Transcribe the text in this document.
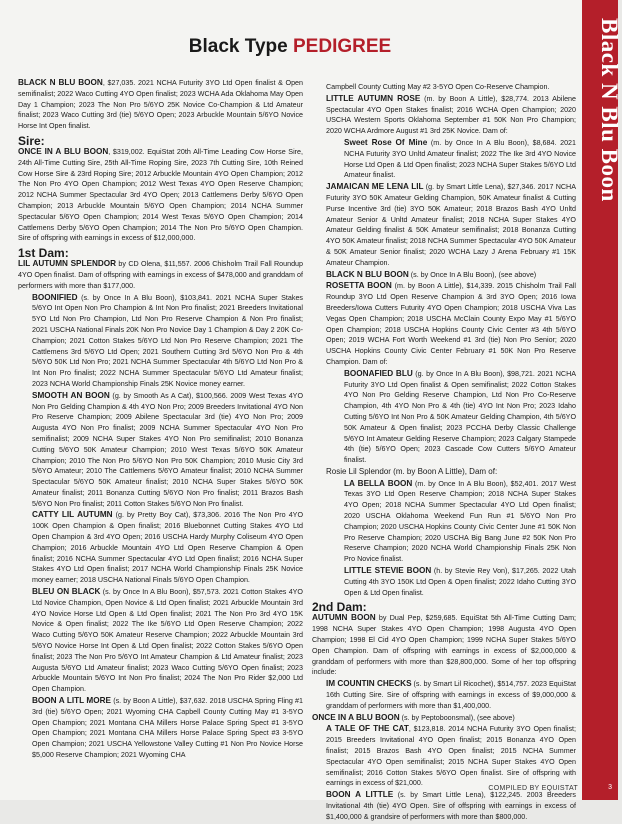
Black Type PEDIGREE	Black N Blu Boon

BLACK N BLU BOON, $27,035. 2021 NCHA Futurity 3YO Ltd Open finalist & Open semifinalist; 2022 Waco Cutting 4YO Open finalist; 2023 WCHA Ada Oklahoma May Open Day 1 Champion; 2023 The Non Pro 5/6YO 25K Novice Co-Champion & Ltd Amateur finalist; 2023 Waco Cutting 3rd (tie) 5/6YO Open; 2023 Arbuckle Mountain 5/6YO Novice Horse Int Open finalist.

Sire:

ONCE IN A BLU BOON, $319,002. EquiStat 20th All-Time Leading Cow Horse Sire, 24th All-Time Cutting Sire, 25th All-Time Roping Sire, 2023 7th Cutting Sire, 10th Reined Cow Horse Sire & 23rd Roping Sire; 2012 Arbuckle Mountain 4YO Open Champion; 2012 The Non Pro 4YO Open Champion; 2012 West Texas 4YO Open Reserve Champion; 2012 NCHA Summer Spectacular 3rd 4YO Open; 2013 Cattlemens Derby 5/6YO Open Champion; 2013 Arbuckle Mountain 5/6YO Open Champion; 2014 NCHA Summer Spectacular 5/6YO Open Champion; 2014 West Texas 5/6YO Open Champion; 2014 Cattlemens Derby 5/6YO Open Champion; 2014 The Non Pro 5/6YO Open Champion. Sire of offspring with earnings in excess of $12,000,000.

1st Dam:

LIL AUTUMN SPLENDOR by CD Olena, $11,557. 2006 Chisholm Trail Fall Roundup 4YO Open finalist. Dam of offspring with earnings in excess of $478,000 and granddam of performers with more than $177,000.

BOONIFIED (s. by Once In A Blu Boon), $103,841. 2021 NCHA Super Stakes 5/6YO Int Open Non Pro Champion & Int Non Pro finalist; 2021 Breeders Invitational 5YO Ltd Non Pro Champion, Ltd Non Pro Reserve Champion & Non Pro finalist; 2021 USCHA National Finals 20K Non Pro Novice Day 1 Champion & Day 2 20K Co-Champion; 2021 Cotton Stakes 5/6YO Ltd Non Pro Reserve Champion; 2021 The Cattlemens 3rd 5/6YO Ltd Open; 2021 Southern Cutting 3rd 5/6YO Non Pro & 4th 5/6YO 50K Ltd Non Pro; 2021 NCHA Summer Spectacular 4th 5/6YO Ltd Non Pro & Int Non Pro finalist; 2022 NCHA Summer Spectacular 5/6YO Ltd Amateur finalist; 2023 NCHA World Championship Finals 25K Novice money earner.

SMOOTH AN BOON (g. by Smooth As A Cat), $100,566. 2009 West Texas 4YO Non Pro Gelding Champion & 4th 4YO Non Pro; 2009 Breeders Invitational 4YO Non Pro Reserve Champion; 2009 Abilene Spectacular 3rd (tie) 4YO Non Pro; 2009 Augusta 4YO Non Pro finalist; 2009 NCHA Summer Spectacular 4YO Non Pro semifinalist; 2009 NCHA Super Stakes 4YO Non Pro semifinalist; 2010 Bonanza Cutting 5/6YO 50K Amateur Champion; 2010 West Texas 5/6YO 50K Amateur Champion; 2010 The Non Pro 5/6YO Non Pro 50K Champion; 2010 Music City 3rd 5/6YO Amateur; 2010 The Cattlemens 5/6YO Amateur finalist; 2010 NCHA Summer Spectacular 5/6YO 50K Amateur finalist; 2010 NCHA Super Stakes 5/6YO 50K Amateur finalist; 2011 Bonanza Cutting 5/6YO Non Pro finalist; 2011 Brazos Bash 5/6YO Non Pro finalist; 2011 Cotton Stakes 5/6YO Non Pro finalist.

CATTY LIL AUTUMN (g. by Pretty Boy Cat), $73,306. 2016 The Non Pro 4YO 100K Open Champion & Open finalist; 2016 Bluebonnet Cutting Stakes 4YO Ltd Open Champion & 3rd 4YO Open; 2016 USCHA Hardy Murphy Coliseum 4YO Open Champion; 2016 Arbuckle Mountain 4YO Ltd Open Reserve Champion & Open finalist; 2016 NCHA Summer Spectacular 4YO Ltd Open finalist; 2016 NCHA Super Stakes 4YO Ltd Open finalist; 2017 NCHA World Championship Finals 25K Novice money earner; 2018 USCHA National Finals 5/6YO Open Champion.

BLEU ON BLACK (s. by Once In A Blu Boon), $57,573. 2021 Cotton Stakes 4YO Ltd Novice Champion, Open Novice & Ltd Open finalist; 2021 Arbuckle Mountain 3rd 4YO Novice Horse Ltd Open & Ltd Open finalist; 2021 The Non Pro 3rd 4YO 15K Novice & Open finalist; 2022 The Ike 5/6YO Ltd Open Reserve Champion; 2022 Waco Cutting 5/6YO 50K Amateur Reserve Champion; 2022 Arbuckle Mountain 3rd 5/6YO Novice Horse Int Open & Ltd Open finalist; 2022 Cotton Stakes 5/6YO Open finalist; 2023 The Non Pro 5/6YO Int Amateur Champion & Ltd Amateur finalist; 2023 Augusta 5/6YO Ltd Amateur finalist; 2023 Waco Cutting 5/6YO Open finalist; 2023 Arbuckle Mountain 5/6YO Int Non Pro finalist; 2024 The Non Pro Rider $2,000 Ltd Open Champion.

BOON A LITL MORE (s. by Boon A Little), $37,632. 2018 USCHA Spring Fling #1 3rd (tie) 5/6YO Open; 2021 Wyoming CHA Capbell County Cutting May #1 3-5YO Open Champion; 2021 Montana CHA Millers Horse Palace Spring Spect #1 3-5YO Open Champion; 2021 Montana CHA Millers Horse Palace Spring Spect #3 3-5YO Open Champion; 2021 USCHA Yellowstone Valley Cutting #1 Non Pro Novice Horse $5,000 Reserve Champion; 2021 Wyoming CHA

Campbell County Cutting May #2 3-5YO Open Co-Reserve Champion.

LITTLE AUTUMN ROSE (m. by Boon A Little), $28,774. 2013 Abilene Spectacular 4YO Open Stakes finalist; 2016 WCHA Open Champion; 2020 USCHA Western Sports Oklahoma September #1 50K Non Pro Champion; 2020 WCHA Ardmore August #1 3rd 25K Novice. Dam of:

Sweet Rose Of Mine (m. by Once In A Blu Boon), $8,684. 2021 NCHA Futurity 3YO Unltd Amateur finalist; 2022 The Ike 3rd 4YO Novice Horse Ltd Open & Ltd Open finalist; 2023 NCHA Super Stakes 5/6YO Ltd Amateur finalist.

JAMAICAN ME LENA LIL (g. by Smart Little Lena), $27,346. 2017 NCHA Futurity 3YO 50K Amateur Gelding Champion, 50K Amateur finalist & Cutting Purse Incentive 3rd (tie) 3YO 50K Amateur; 2018 Brazos Bash 4YO Unltd Amateur Senior & Unltd Amateur finalist; 2018 NCHA Super Stakes 4YO Amateur Gelding finalist & 50K Amateur semifinalist; 2018 Bonanza Cutting 4YO 50K Amateur finalist; 2018 NCHA Summer Spectacular 4YO 50K Amateur & 50K Amateur Senior finalist; 2020 WCHA Lazy J Arena February #1 15K Amateur Champion.

BLACK N BLU BOON (s. by Once In A Blu Boon), (see above)

ROSETTA BOON (m. by Boon A Little), $14,339. 2015 Chisholm Trail Fall Roundup 3YO Ltd Open Reserve Champion & 3rd 3YO Open; 2016 Iowa Breeders/Iowa Cutters Futurity 4YO Open Champion; 2018 USCHA Viva Las Vegas Open Champion; 2018 USCHA McClain County Expo May #1 5/6YO Open Champion; 2018 USCHA Hopkins County Civic Center #3 4th 5/6YO Open; 2019 WCHA Fort Worth Weekend #1 3rd (tie) Non Pro Senior; 2020 USCHA Hopkins County Civic Center February #1 50K Non Pro Reserve Champion. Dam of:

BOONAFIED BLU (g. by Once In A Blu Boon), $98,721. 2021 NCHA Futurity 3YO Ltd Open finalist & Open semifinalist; 2022 Cotton Stakes 4YO Non Pro Gelding Reserve Champion, Ltd Non Pro Co-Reserve Champion, 4th 4YO Non Pro & 4th (tie) 4YO Int Non Pro; 2023 Idaho Cutting 5/6YO Int Non Pro & 50K Amateur Gelding Champion, 4th 5/6YO 50K Amateur & Open finalist; 2023 PCCHA Derby Classic Challenge 5/6YO Int Amateur Gelding Reserve Champion; 2023 Calgary Stampede 4th (tie) 5/6YO Open; 2023 Cascade Cow Cutters 5/6YO Amateur finalist.

Rosie Lil Splendor (m. by Boon A Little), Dam of:

LA BELLA BOON (m. by Once In A Blu Boon), $52,401. 2017 West Texas 3YO Ltd Open Reserve Champion; 2018 NCHA Super Stakes 4YO Open; 2018 NCHA Summer Spectacular 4YO Ltd Open finalist; 2020 USCHA Oklahoma Weekend Fun Run #1 5/6YO Non Pro Champion; 2020 USCHA Hopkins County Civic Center June #1 50K Non Pro Reserve Champion; 2020 USCHA Big Bang June #2 50K Non Pro Reserve Champion; 2020 NCHA World Championship Finals 25K Non Pro Novice finalist.

LITTLE STEVIE BOON (h. by Stevie Rey Von), $17,265. 2022 Utah Cutting 4th 3YO 150K Ltd Open & Open finalist; 2022 Idaho Cutting 3YO Open & Ltd Open finalist.

2nd Dam:

AUTUMN BOON by Dual Pep, $259,685. EquiStat 5th All-Time Cutting Dam; 1998 NCHA Super Stakes 4YO Open Champion; 1998 Augusta 4YO Open Champion; 1998 El Cid 4YO Open Champion; 1999 NCHA Super Stakes 5/6YO Open Champion. Dam of offspring with earnings in excess of $2,000,000 & granddam of performers with more than $28,800,000. Some of her top offspring include:

IM COUNTIN CHECKS (s. by Smart Lil Ricochet), $514,757. 2023 EquiStat 16th Cutting Sire. Sire of offspring with earnings in excess of $9,000,000 & granddam of performers with more than $1,400,000.

ONCE IN A BLU BOON (s. by Peptoboonsmal), (see above)

A TALE OF THE CAT, $123,818. 2014 NCHA Futurity 3YO Open finalist; 2015 Breeders Invitational 4YO Open finalist; 2015 Bonanza 4YO Open finalist; 2015 Brazos Bash 4YO Open finalist; 2015 NCHA Summer Spectacular 4YO Open semifinalist; 2015 NCHA Super Stakes 4YO Open semifinalist; 2016 Cotton Stakes 5/6YO Open finalist. Sire of offspring with earnings in excess of $21,000.

BOON A LITTLE (s. by Smart Little Lena), $122,245. 2003 Breeders Invitational 4th (tie) 4YO Open. Sire of offspring with earnings in excess of $1,400,000 & grandsire of performers with more than $800,000.

COMPILED BY EQUISTAT	3
